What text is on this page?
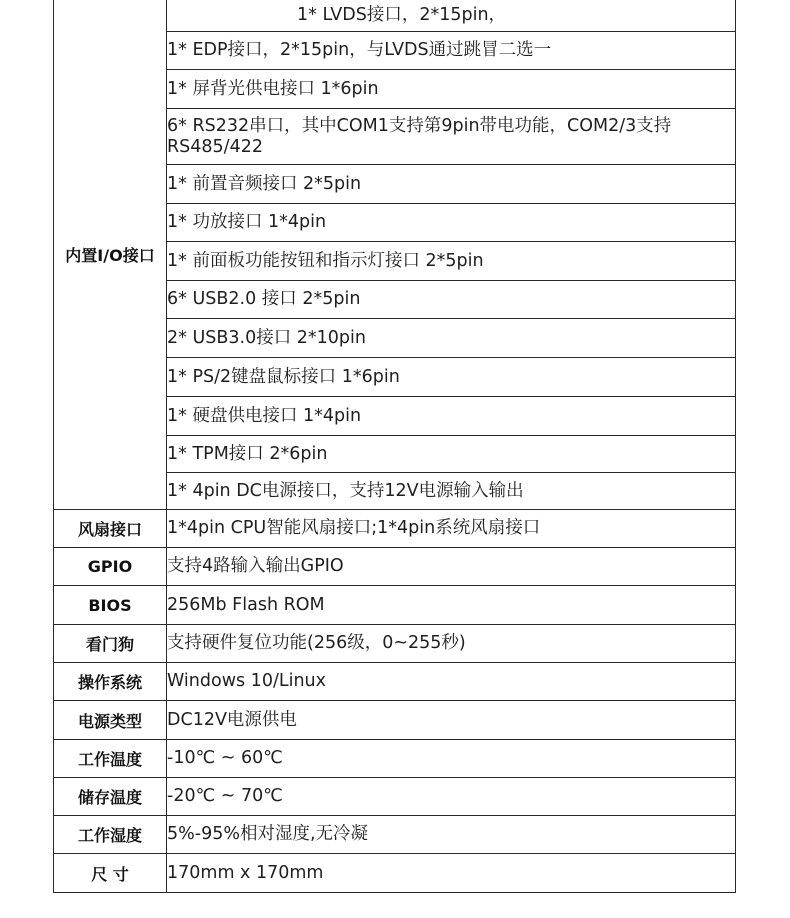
内置I/O接口	1* LVDS接口，2*15pin，

	1* EDP接口，2*15pin，与LVDS通过跳冒二选一

	1* 屏背光供电接口 1*6pin

	6* RS232串口，其中COM1支持第9pin带电功能，COM2/3支持RS485/422

	1* 前置音频接口 2*5pin

	1* 功放接口 1*4pin

	1* 前面板功能按钮和指示灯接口 2*5pin

	6* USB2.0 接口 2*5pin

	2* USB3.0接口 2*10pin

	1* PS/2键盘鼠标接口 1*6pin

	1* 硬盘供电接口 1*4pin

	1* TPM接口 2*6pin

	1* 4pin DC电源接口，支持12V电源输入输出

风扇接口	1*4pin CPU智能风扇接口;1*4pin系统风扇接口

GPIO	支持4路输入输出GPIO

BIOS	256Mb Flash ROM

看门狗	支持硬件复位功能(256级，0~255秒)

操作系统	Windows 10/Linux

电源类型	DC12V电源供电

工作温度	-10℃ ~ 60℃

储存温度	-20℃ ~ 70℃

工作湿度	5%-95%相对湿度,无冷凝

尺 寸	170mm x 170mm
